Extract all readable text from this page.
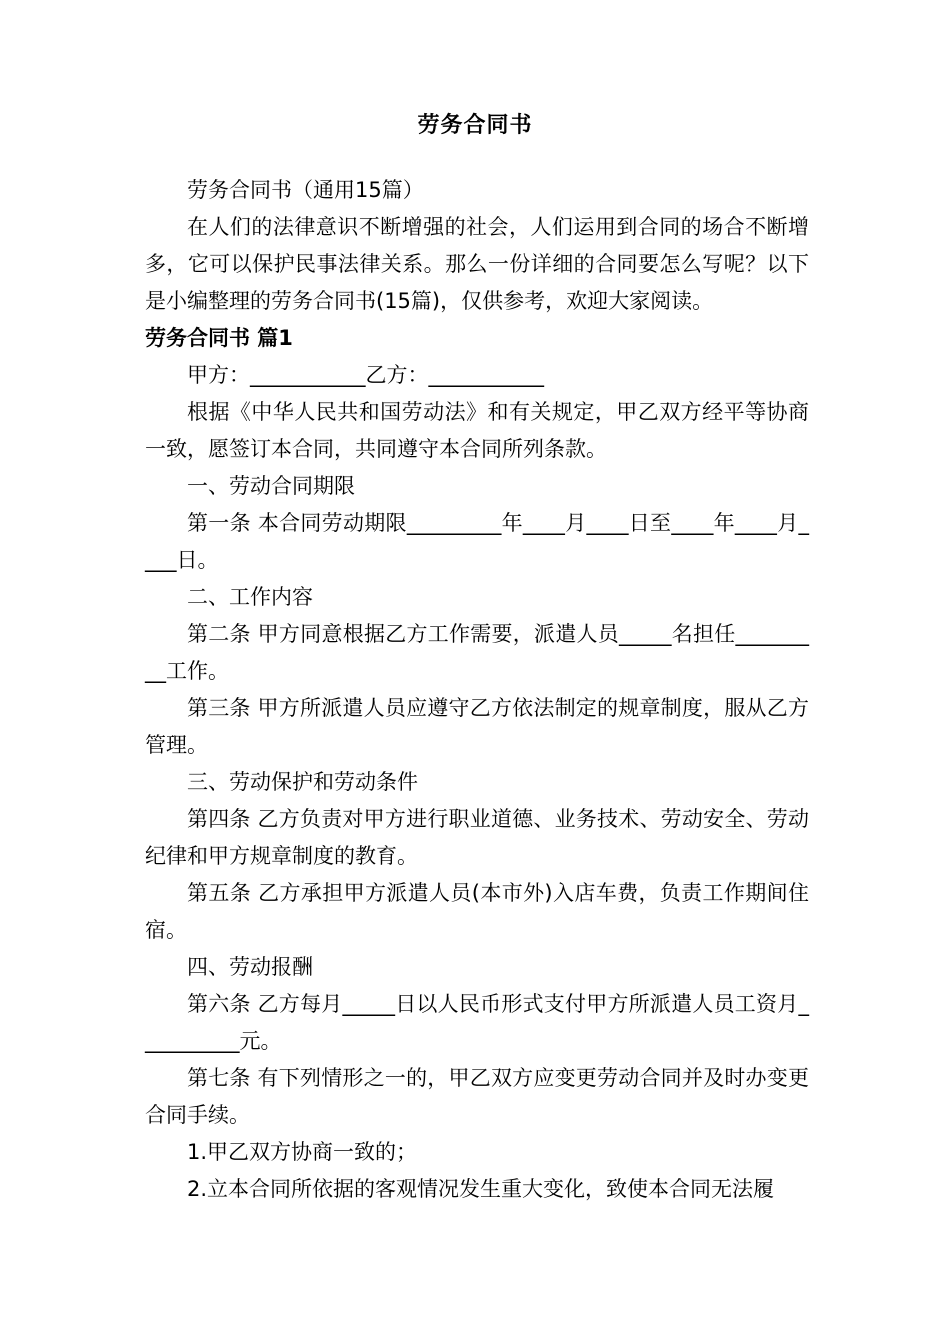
劳务合同书

劳务合同书（通用15篇）

在人们的法律意识不断增强的社会，人们运用到合同的场合不断增多，它可以保护民事法律关系。那么一份详细的合同要怎么写呢？以下是小编整理的劳务合同书(15篇)，仅供参考，欢迎大家阅读。

劳务合同书 篇1

甲方：___________乙方：___________

根据《中华人民共和国劳动法》和有关规定，甲乙双方经平等协商一致，愿签订本合同，共同遵守本合同所列条款。

一、劳动合同期限

第一条 本合同劳动期限_________年____月____日至____年____月____日。

二、工作内容

第二条 甲方同意根据乙方工作需要，派遣人员_____名担任_________工作。

第三条 甲方所派遣人员应遵守乙方依法制定的规章制度，服从乙方管理。

三、劳动保护和劳动条件

第四条 乙方负责对甲方进行职业道德、业务技术、劳动安全、劳动纪律和甲方规章制度的教育。

第五条 乙方承担甲方派遣人员(本市外)入店车费，负责工作期间住宿。

四、劳动报酬

第六条 乙方每月_____日以人民币形式支付甲方所派遣人员工资月__________元。

第七条 有下列情形之一的，甲乙双方应变更劳动合同并及时办变更合同手续。

1.甲乙双方协商一致的；

2.立本合同所依据的客观情况发生重大变化，致使本合同无法履
